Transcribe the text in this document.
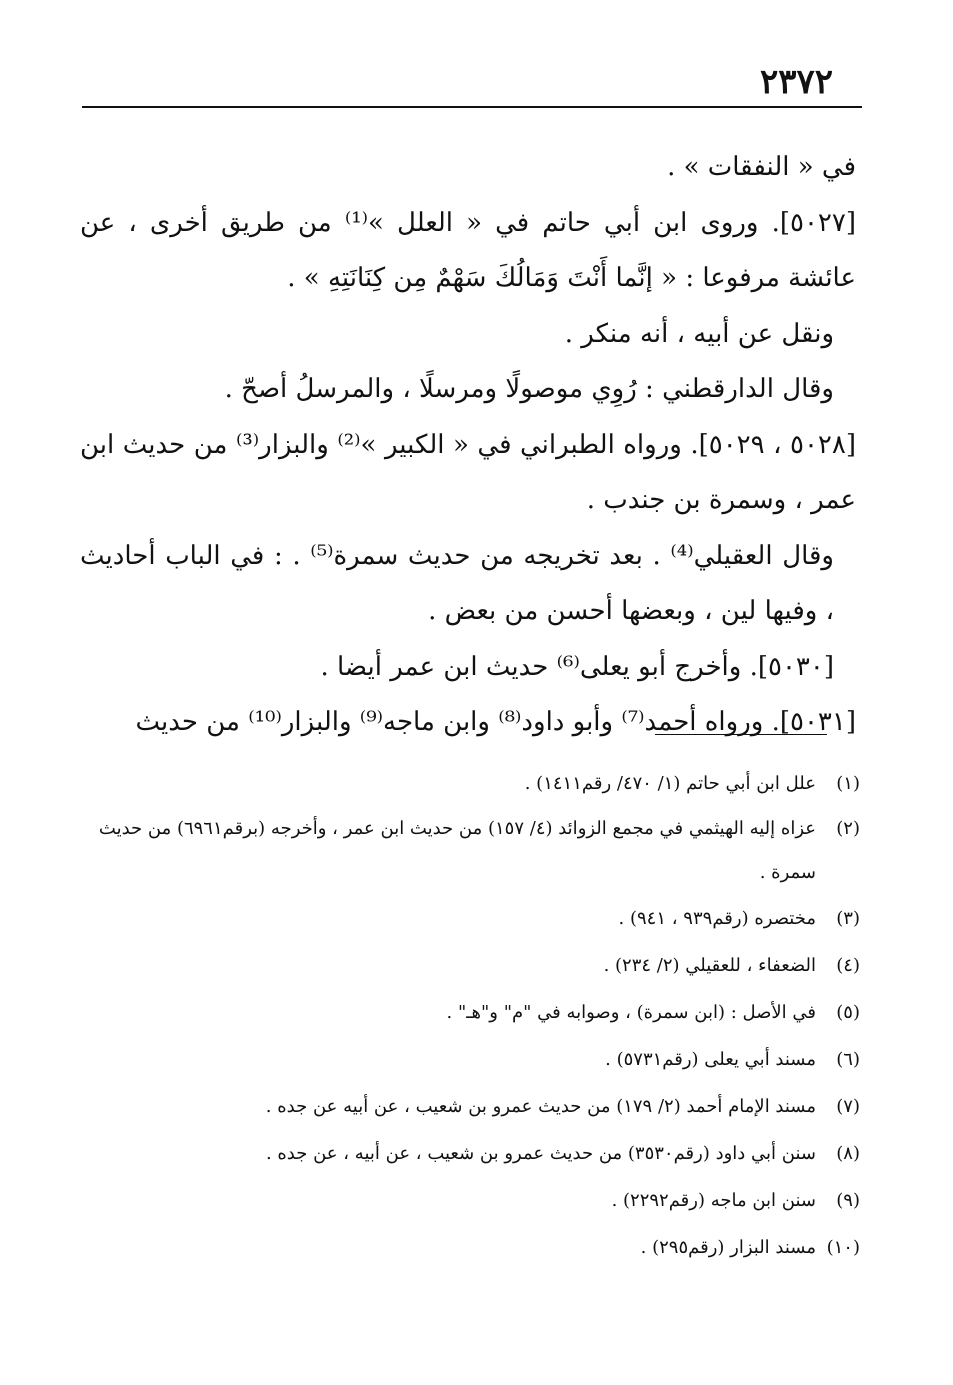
٢٣٧٢

في « النفقات » .

[٥٠٢٧]. وروى ابن أبي حاتم في « العلل »⁽¹⁾ من طريق أخرى ، عن عائشة مرفوعا : « إنَّما أَنْتَ وَمَالُكَ سَهْمٌ مِن كِنَانَتِهِ » .

ونقل عن أبيه ، أنه منكر .

وقال الدارقطني : رُوِي موصولًا ومرسلًا ، والمرسلُ أصحّ .

[٥٠٢٨ ، ٥٠٢٩]. ورواه الطبراني في « الكبير »⁽²⁾ والبزار⁽³⁾ من حديث ابن عمر ، وسمرة بن جندب .

وقال العقيلي⁽⁴⁾ . بعد تخريجه من حديث سمرة⁽⁵⁾ . : في الباب أحاديث ، وفيها لين ، وبعضها أحسن من بعض .

[٥٠٣٠]. وأخرج أبو يعلى⁽⁶⁾ حديث ابن عمر أيضا .

[٥٠٣١]. ورواه أحمد⁽⁷⁾ وأبو داود⁽⁸⁾ وابن ماجه⁽⁹⁾ والبزار⁽¹⁰⁾ من حديث

(١)
علل ابن أبي حاتم (١/ ٤٧٠/ رقم١٤١١) .

(٢)
عزاه إليه الهيثمي في مجمع الزوائد (٤/ ١٥٧) من حديث ابن عمر ، وأخرجه (برقم٦٩٦١) من حديث سمرة .

(٣)
مختصره (رقم٩٣٩ ، ٩٤١) .

(٤)
الضعفاء ، للعقيلي (٢/ ٢٣٤) .

(٥)
في الأصل : (ابن سمرة) ، وصوابه في "م" و"هـ" .

(٦)
مسند أبي يعلى (رقم٥٧٣١) .

(٧)
مسند الإمام أحمد (٢/ ١٧٩) من حديث عمرو بن شعيب ، عن أبيه عن جده .

(٨)
سنن أبي داود (رقم٣٥٣٠) من حديث عمرو بن شعيب ، عن أبيه ، عن جده .

(٩)
سنن ابن ماجه (رقم٢٢٩٢) .

(١٠)
مسند البزار (رقم٢٩٥) .
